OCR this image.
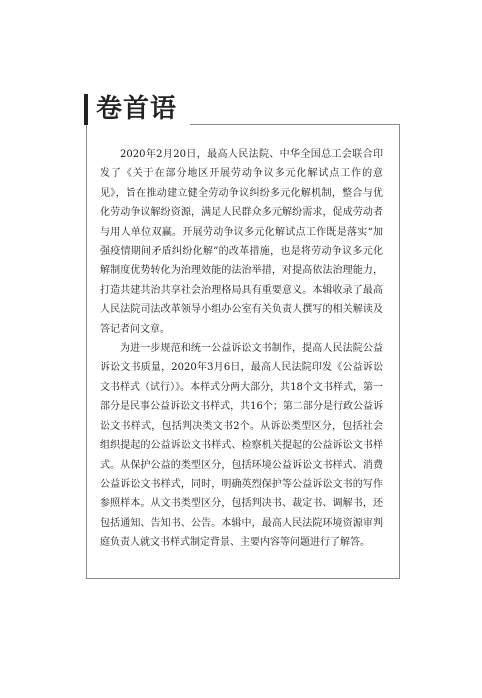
卷首语

2020年2月20日，最高人民法院、中华全国总工会联合印发了《关于在部分地区开展劳动争议多元化解试点工作的意见》，旨在推动建立健全劳动争议纠纷多元化解机制，整合与优化劳动争议解纷资源，满足人民群众多元解纷需求，促成劳动者与用人单位双赢。开展劳动争议多元化解试点工作既是落实“加强疫情期间矛盾纠纷化解”的改革措施，也是将劳动争议多元化解制度优势转化为治理效能的法治举措，对提高依法治理能力，打造共建共治共享社会治理格局具有重要意义。本辑收录了最高人民法院司法改革领导小组办公室有关负责人撰写的相关解读及答记者问文章。

为进一步规范和统一公益诉讼文书制作，提高人民法院公益诉讼文书质量，2020年3月6日，最高人民法院印发《公益诉讼文书样式（试行）》。本样式分两大部分，共18个文书样式，第一部分是民事公益诉讼文书样式，共16个；第二部分是行政公益诉讼文书样式，包括判决类文书2个。从诉讼类型区分，包括社会组织提起的公益诉讼文书样式、检察机关提起的公益诉讼文书样式。从保护公益的类型区分，包括环境公益诉讼文书样式、消费公益诉讼文书样式，同时，明确英烈保护等公益诉讼文书的写作参照样本。从文书类型区分，包括判决书、裁定书、调解书，还包括通知、告知书、公告。本辑中，最高人民法院环境资源审判庭负责人就文书样式制定背景、主要内容等问题进行了解答。
